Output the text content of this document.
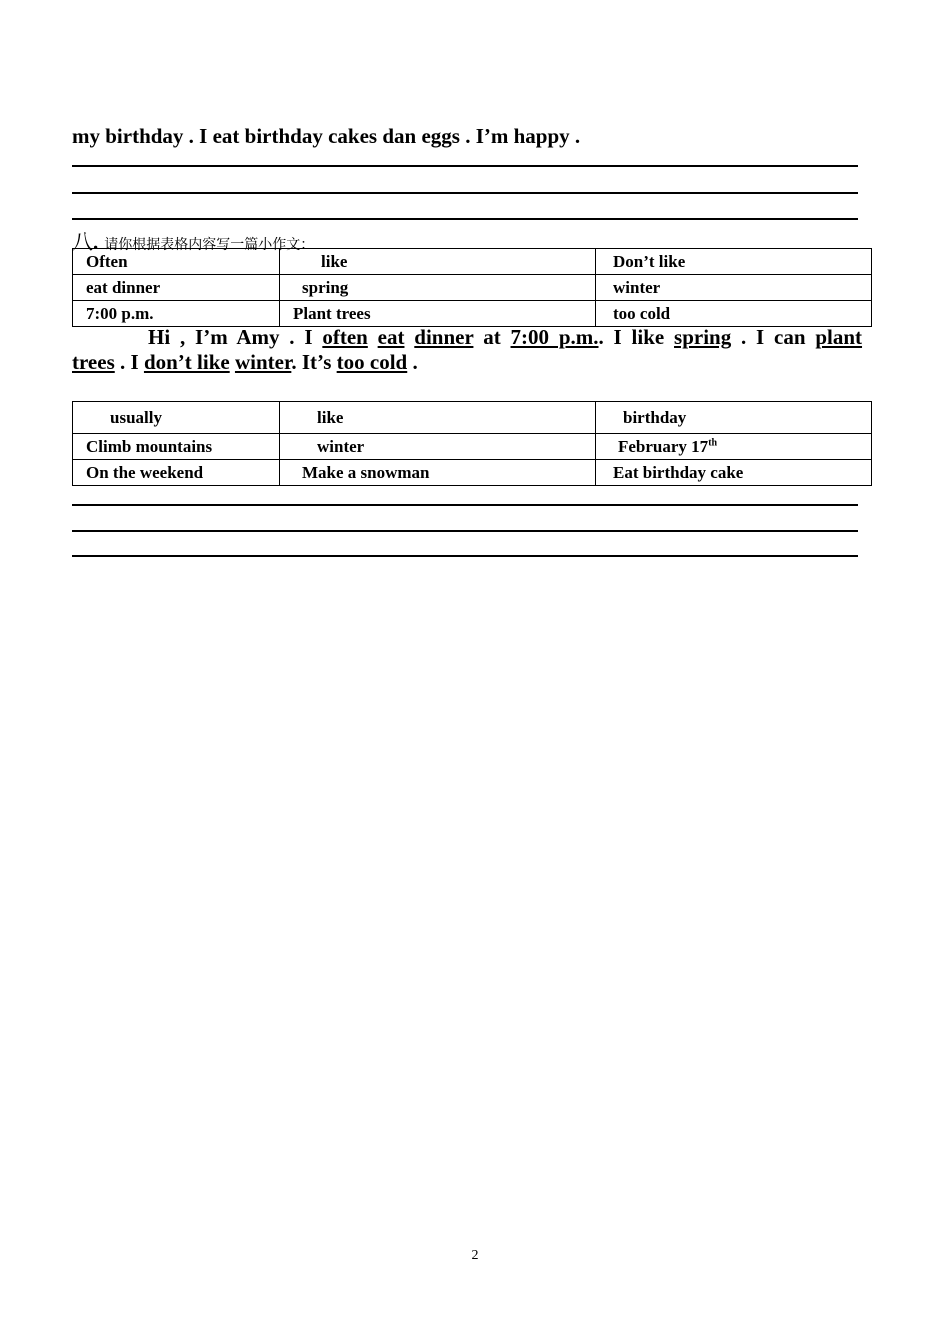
my birthday . I eat birthday cakes dan eggs . I’m happy .
八. 请你根据表格内容写一篇小作文：
Often	like	Don’t like
eat dinner	spring	winter
7:00 p.m.	Plant trees	too cold
Hi , I’m Amy . I often eat dinner at 7:00 p.m.. I like spring . I can plant
trees . I don’t like winter. It’s too cold .
usually	like	birthday
Climb mountains	winter	February 17th
On the weekend	Make a snowman	Eat birthday cake
2
